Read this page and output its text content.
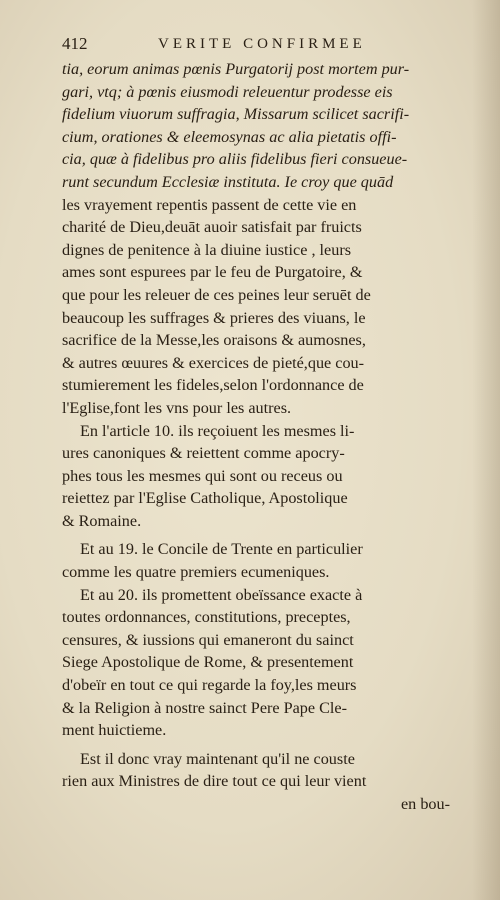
412	VERITE CONFIRMEE
tia, eorum animas pœnis Purgatorij post mortem pur-
gari, vtq; à pœnis eiusmodi releuentur prodesse eis
fidelium viuorum suffragia, Missarum scilicet sacrifi-
cium, orationes & eleemosynas ac alia pietatis offi-
cia, quæ à fidelibus pro aliis fidelibus fieri consueue-
runt secundum Ecclesiæ instituta. Ie croy que quād
les vrayement repentis passent de cette vie en
charité de Dieu,deuāt auoir satisfait par fruicts
dignes de penitence à la diuine iustice , leurs
ames sont espurees par le feu de Purgatoire, &
que pour les releuer de ces peines leur seruēt de
beaucoup les suffrages & prieres des viuans, le
sacrifice de la Messe,les oraisons & aumosnes,
& autres œuures & exercices de pieté,que cou-
stumierement les fideles,selon l'ordonnance de
l'Eglise,font les vns pour les autres.
En l'article 10. ils reçoiuent les mesmes li-
ures canoniques & reiettent comme apocry-
phes tous les mesmes qui sont ou receus ou
reiettez par l'Eglise Catholique, Apostolique
& Romaine.
Et au 19. le Concile de Trente en particulier
comme les quatre premiers ecumeniques.
Et au 20. ils promettent obeïssance exacte à
toutes ordonnances, constitutions, preceptes,
censures, & iussions qui emaneront du sainct
Siege Apostolique de Rome, & presentement
d'obeïr en tout ce qui regarde la foy,les meurs
& la Religion à nostre sainct Pere Pape Cle-
ment huictieme.
Est il donc vray maintenant qu'il ne couste
rien aux Ministres de dire tout ce qui leur vient
en bou-
